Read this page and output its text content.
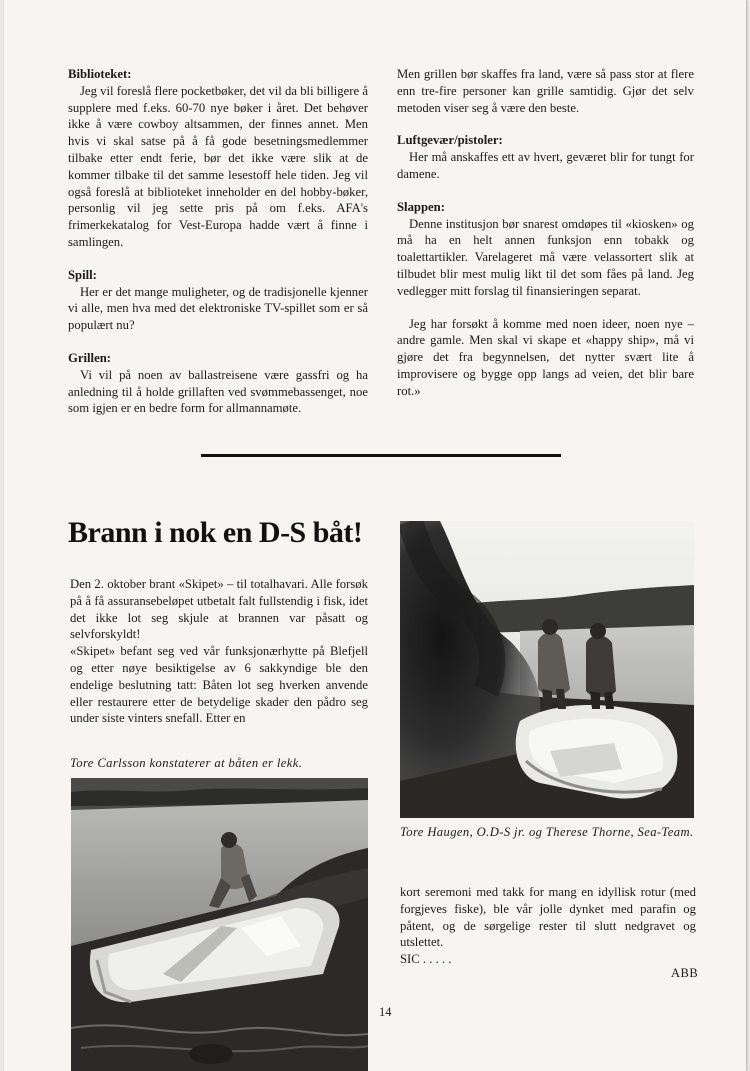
Biblioteket:

Jeg vil foreslå flere pocketbøker, det vil da bli billigere å supplere med f.eks. 60-70 nye bøker i året. Det behøver ikke å være cowboy altsammen, der finnes annet. Men hvis vi skal satse på å få gode besetningsmedlemmer tilbake etter endt ferie, bør det ikke være slik at de kommer tilbake til det samme lesestoff hele tiden. Jeg vil også foreslå at biblioteket inneholder en del hobby-bøker, personlig vil jeg sette pris på om f.eks. AFA's frimerkekatalog for Vest-Europa hadde vært å finne i samlingen.

Spill:

Her er det mange muligheter, og de tradisjonelle kjenner vi alle, men hva med det elektroniske TV-spillet som er så populært nu?

Grillen:

Vi vil på noen av ballastreisene være gassfri og ha anledning til å holde grillaften ved svømmebassenget, noe som igjen er en bedre form for allmannamøte.

Men grillen bør skaffes fra land, være så pass stor at flere enn tre-fire personer kan grille samtidig. Gjør det selv metoden viser seg å være den beste.

Luftgevær/pistoler:

Her må anskaffes ett av hvert, geværet blir for tungt for damene.

Slappen:

Denne institusjon bør snarest omdøpes til «kiosken» og må ha en helt annen funksjon enn tobakk og toalettartikler. Varelageret må være velassortert slik at tilbudet blir mest mulig likt til det som fåes på land. Jeg vedlegger mitt forslag til finansieringen separat.

Jeg har forsøkt å komme med noen ideer, noen nye – andre gamle. Men skal vi skape et «happy ship», må vi gjøre det fra begynnelsen, det nytter svært lite å improvisere og bygge opp langs ad veien, det blir bare rot.»

Brann i nok en D-S båt!

Den 2. oktober brant «Skipet» – til totalhavari. Alle forsøk på å få assuransebeløpet utbetalt falt fullstendig i fisk, idet det ikke lot seg skjule at brannen var påsatt og selvforskyldt!

«Skipet» befant seg ved vår funksjonærhytte på Blefjell og etter nøye besiktigelse av 6 sakkyndige ble den endelige beslutning tatt: Båten lot seg hverken anvende eller restaurere etter de betydelige skader den pådro seg under siste vinters snefall. Etter en

Tore Carlsson konstaterer at båten er lekk.
Tore Haugen, O.D-S jr. og Therese Thorne, Sea-Team.

kort seremoni med takk for mang en idyllisk rotur (med forgjeves fiske), ble vår jolle dynket med parafin og påtent, og de sørgelige rester til slutt nedgravet og utslettet.

SIC . . . . .

ABB
14
